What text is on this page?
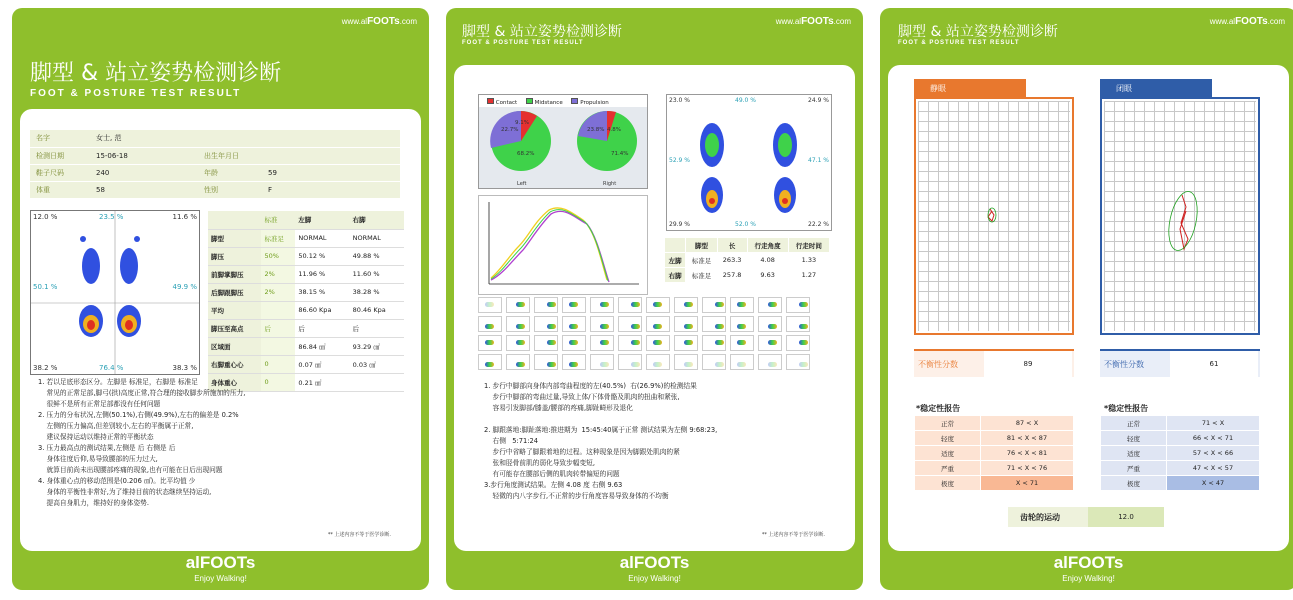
www.alFOOTs.com
脚型 & 站立姿势检测诊断
FOOT & POSTURE TEST RESULT
名字	女士, 范		
检测日期	15-06-18	出生年月日	
鞋子尺码	240	年龄	59
体重	58	性别	F
12.0 %	23.5 %	11.6 %
50.1 %	49.9 %
38.2 %	76.4 %	38.3 %
	标准	左脚	右脚
脚型	标准足	NORMAL	NORMAL
脚压	50%	50.12 %	49.88 %
前脚掌脚压	2%	11.96 %	11.60 %
后脚跟脚压	2%	38.15 %	38.28 %
平均		86.60 Kpa	80.46 Kpa
脚压至高点	后	后	后
区域面		86.84 ㎠	93.29 ㎠
右脚重心心	0	0.07 ㎠	0.03 ㎠
身体重心	0	0.21 ㎠	
1. 若以足底形态区分。左脚是 标准足，右脚是 标准足
常见的正常足部,脚弓(拱)高度正常,符合理的接收脚步所施加的压力,
很鲜不是所有正常足部都没有任何问题
2. 压力的分布状况,左侧(50.1%),右侧(49.9%),左右的偏差是 0.2%
左侧的压力偏高,但差别较小,左右的平衡属于正常,
建议保持运动以维持正常的平衡状态
3. 压力最高点的测试结果,左侧是 后 右侧是 后
身体往度后仰,易导致腰部的压力过大,
就算目前尚未出现腰部疼痛的现象,也有可能在日后出现问题
4. 身体重心点的移动范围是(0.206 ㎠)。比平均值 少
身体的平衡性非常好,为了维持目前的状态继续坚持运动,
提高自身肌力，维持好的身体姿势.
** 上述内容不等于医学诊断.
alFOOTs
Enjoy Walking!
www.alFOOTs.com
脚型 & 站立姿势检测诊断
FOOT & POSTURE TEST RESULT
Contact	Midstance	Propulsion
9.1%
22.7%
68.2%
Left
23.8% 4.8%
71.4%
Right
23.0 %	49.0 %	24.9 %
52.9 %	47.1 %
29.9 %	52.0 %	22.2 %
	脚型	长	行走角度	行走时间
左脚	标准足	263.3	4.08	1.33
右脚	标准足	257.8	9.63	1.27
1. 步行中脚部向身体内部弯曲程度的左(40.5%)  右(26.9%)的检测结果
步行中脚部的弯曲过量,导致上体/下体骨骼及肌肉的扭曲和紧张,
容易引发脚部/膝盖/腰部的疼痛,脚趾畸形及退化

2. 脚跟落地:脚趾落地:推进期为  15:45:40属于正常 测试结果为左侧 9:68:23,
右侧   5:71:24
步行中省略了脚跟着地的过程。这种现象是因为脚跟处肌肉的紧
张和胫骨前肌的弱化导致步幅变短,
有可能存在腰部后侧的肌肉转带偏短的问题
3.步行角度测试结果。左侧 4.08 度 右侧 9.63
轻微的内八字步行,不正常的步行角度容易导致身体的不均衡
** 上述内容不等于医学诊断.
alFOOTs
Enjoy Walking!
www.alFOOTs.com
脚型 & 站立姿势检测诊断
FOOT & POSTURE TEST RESULT
静眼	闭眼
不衡性分数	89	不衡性分数	61
*稳定性报告
正常	87 < X
轻度	81 < X < 87
适度	76 < X < 81
严重	71 < X < 76
极度	X < 71
*稳定性报告
正常	71 < X
轻度	66 < X < 71
适度	57 < X < 66
严重	47 < X < 57
极度	X < 47
齿轮的运动	12.0
alFOOTs
Enjoy Walking!
